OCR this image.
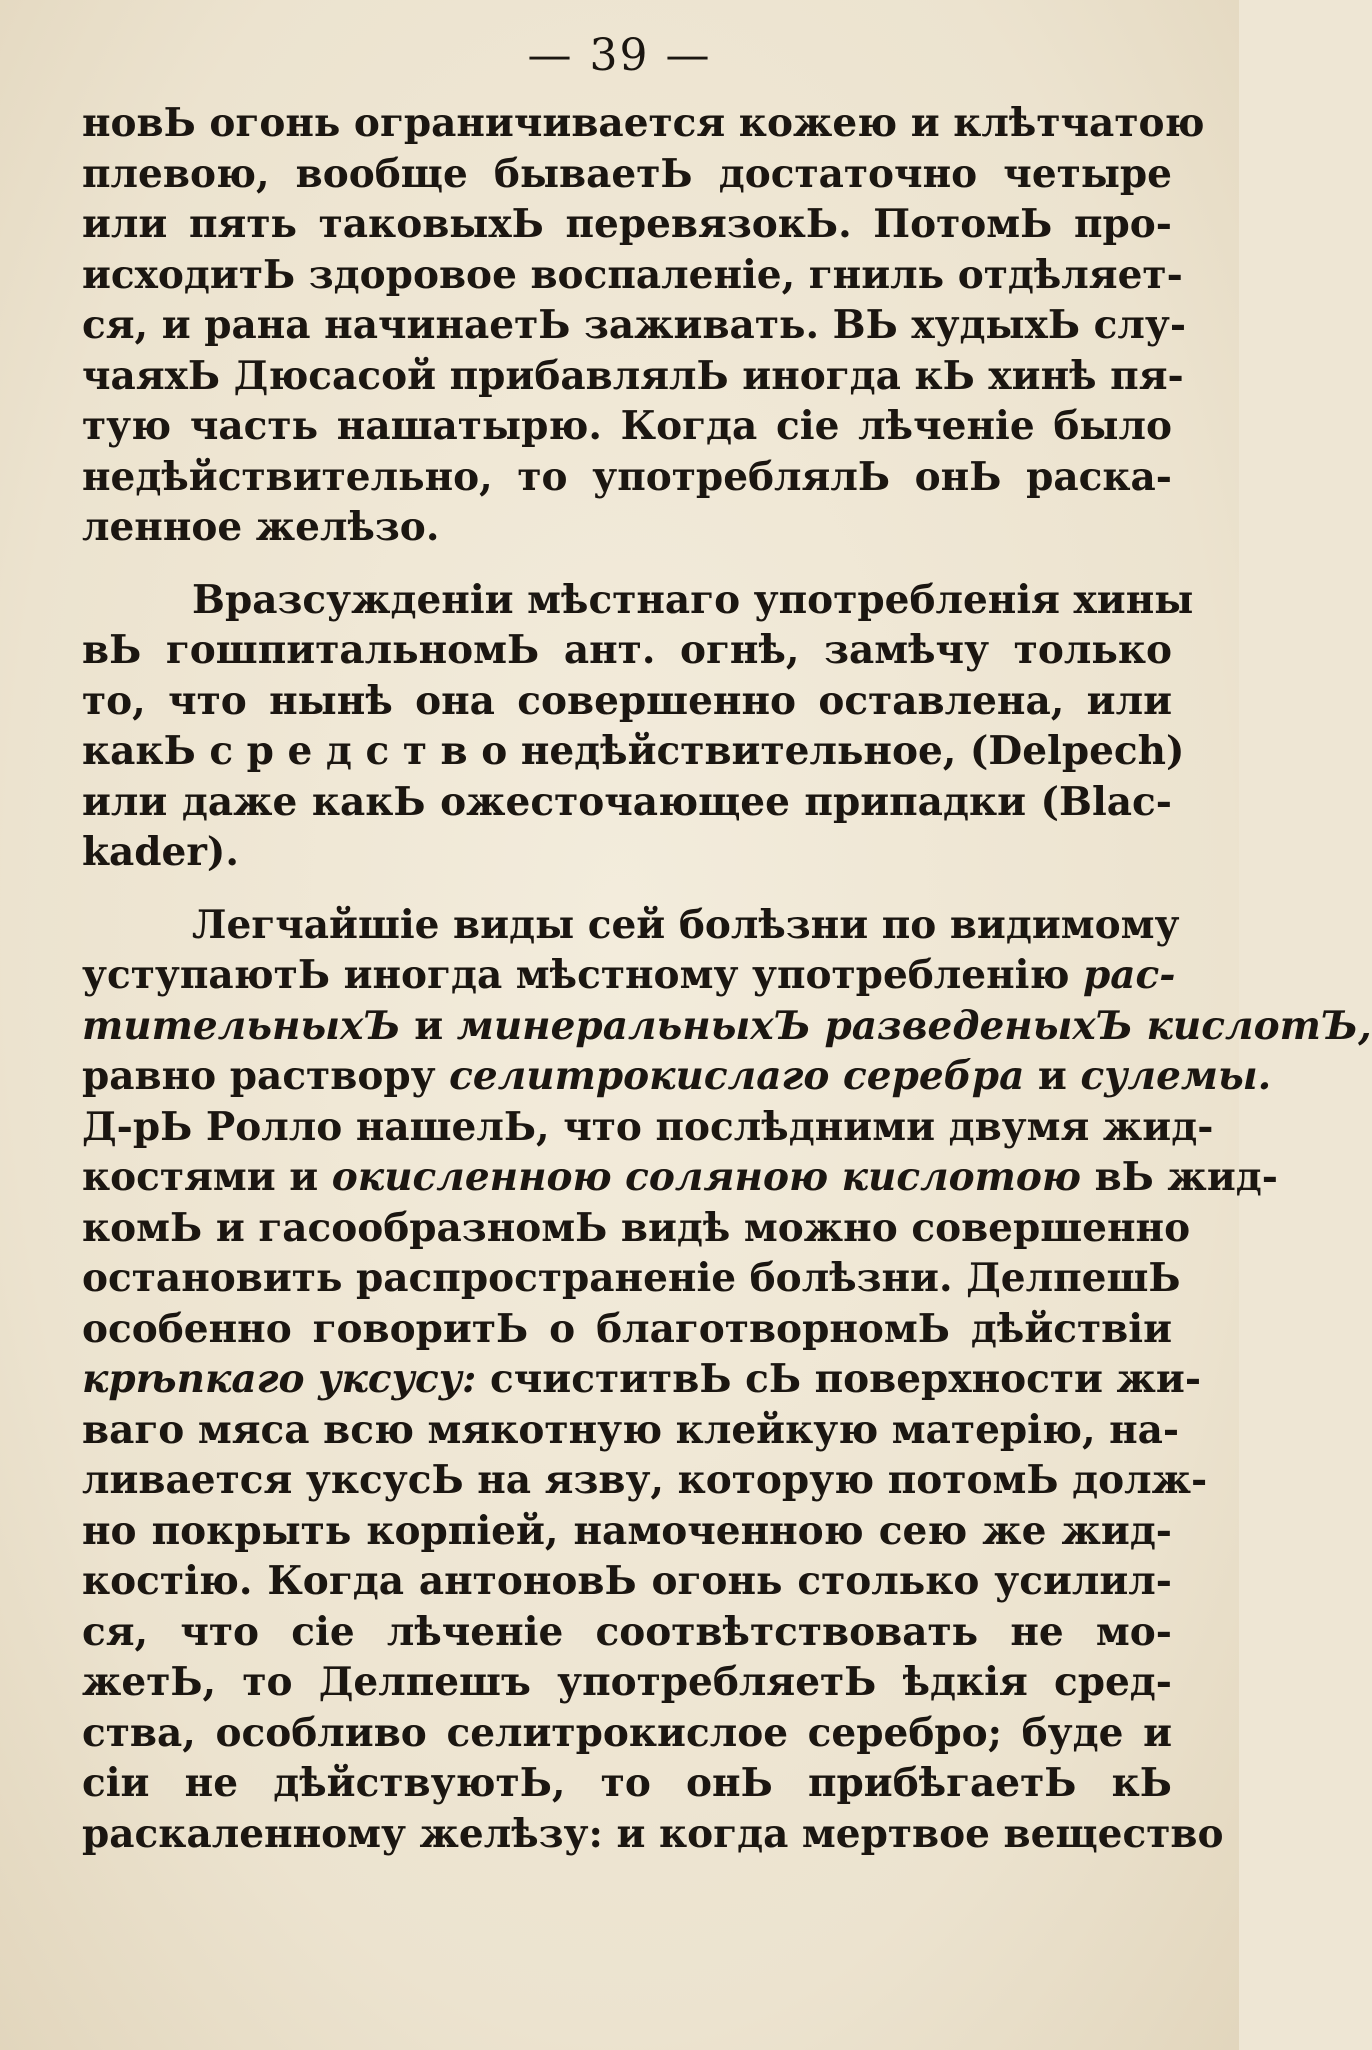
— 39 —
новЬ огонь ограничивается кожею и клѣтчатою
плевою, вообще бываетЬ достаточно четыре
или пять таковыхЬ перевязокЬ. ПотомЬ про-
исходитЬ здоровое воспаленіе, гниль отдѣляет-
ся, и рана начинаетЬ заживать. ВЬ худыхЬ слу-
чаяхЬ Дюсасой прибавлялЬ иногда кЬ хинѣ пя-
тую часть нашатырю. Когда сіе лѣченіе было
недѣйствительно, то употреблялЬ онЬ раска-
ленное желѣзо.
Вразсужденіи мѣстнаго употребленія хины
вЬ гошпитальномЬ ант. огнѣ, замѣчу только
то, что нынѣ она совершенно оставлена, или
какЬ с р е д с т в о недѣйствительное, (Delpech)
или даже какЬ ожесточающее припадки (Blac-
kader).
Легчайшіе виды сей болѣзни по видимому
уступаютЬ иногда мѣстному употребленію рас-
тительныхЪ и минеральныхЪ разведеныхЪ кислотЪ,
равно раствору селитрокислаго серебра и сулемы.
Д-рЬ Ролло нашелЬ, что послѣдними двумя жид-
костями и окисленною соляною кислотою вЬ жид-
комЬ и гасообразномЬ видѣ можно совершенно
остановить распространеніе болѣзни. ДелпешЬ
особенно говоритЬ о благотворномЬ дѣйствіи
крѣпкаго уксусу: счиститвЬ сЬ поверхности жи-
ваго мяса всю мякотную клейкую матерію, на-
ливается уксусЬ на язву, которую потомЬ долж-
но покрыть корпіей, намоченною сею же жид-
костію. Когда антоновЬ огонь столько усилил-
ся, что сіе лѣченіе соотвѣтствовать не мо-
жетЬ, то Делпешъ употребляетЬ ѣдкія сред-
ства, особливо селитрокислое серебро; буде и
сіи не дѣйствуютЬ, то онЬ прибѣгаетЬ кЬ
раскаленному желѣзу: и когда мертвое вещество
